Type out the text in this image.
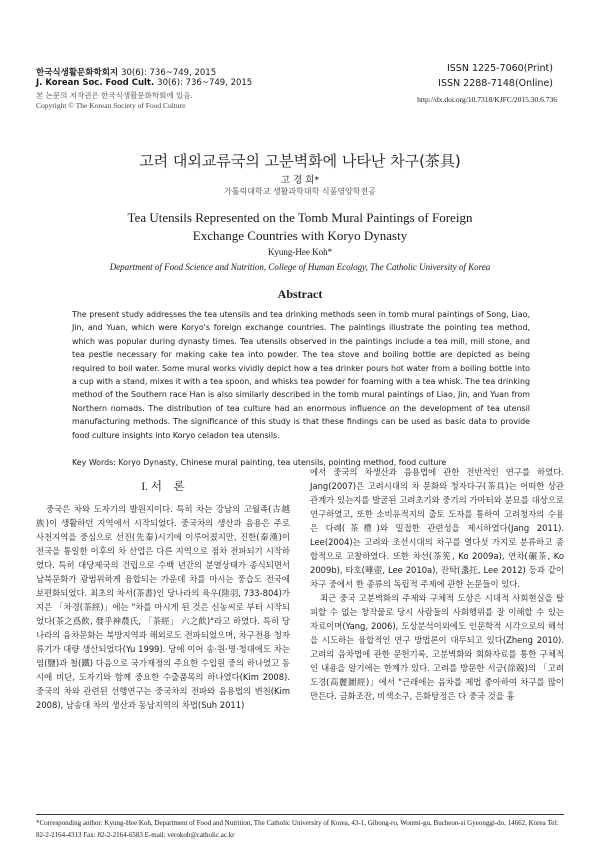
한국식생활문화학회지 30(6): 736~749, 2015
J. Korean Soc. Food Cult. 30(6): 736~749, 2015
본 논문의 저작권은 한국식생활문화학회에 있음.
Copyright © The Korean Society of Food Culture
ISSN 1225-7060(Print)
ISSN 2288-7148(Online)
http://dx.doi.org/10.7318/KJFC/2015.30.6.736
고려 대외교류국의 고분벽화에 나타난 차구(茶具)
고 경 희*
가톨릭대학교 생활과학대학 식품영양학전공
Tea Utensils Represented on the Tomb Mural Paintings of Foreign
Exchange Countries with Koryo Dynasty
Kyung-Hee Koh*
Department of Food Science and Nutrition, College of Human Ecology, The Catholic University of Korea
Abstract
The present study addresses the tea utensils and tea drinking methods seen in tomb mural paintings of Song, Liao, Jin, and Yuan, which were Koryo's foreign exchange countries. The paintings illustrate the pointing tea method, which was popular during dynasty times. Tea utensils observed in the paintings include a tea mill, mill stone, and tea pestle necessary for making cake tea into powder. The tea stove and boiling bottle are depicted as being required to boil water. Some mural works vividly depict how a tea drinker pours hot water from a boiling bottle into a cup with a stand, mixes it with a tea spoon, and whisks tea powder for foaming with a tea whisk. The tea drinking method of the Southern race Han is also similarly described in the tomb mural paintings of Liao, Jin, and Yuan from Northern nomads. The distribution of tea culture had an enormous influence on the development of tea utensil manufacturing methods. The significance of this study is that these findings can be used as basic data to provide food culture insights into Koryo celadon tea utensils.
Key Words: Koryo Dynasty, Chinese mural painting, tea utensils, pointing method, food culture
I. 서　론

중국은 차와 도자기의 발원지이다. 특히 차는 강남의 고월족(古越族)이 생활하던 지역에서 시작되었다. 중국차의 생산과 음용은 주로 사천지역을 중심으로 선진(先秦)시기에 이루어졌지만, 진한(秦漢)이 전국을 통일한 이후의 차 산업은 다른 지역으로 점차 전파되기 시작하였다. 특히 대당제국의 건립으로 수백 년간의 분열상태가 종식되면서 남북문화가 광범위하게 융합되는 가운데 차를 마시는 풍습도 전국에 보편화되었다. 최초의 차서(茶書)인 당나라의 육우(陸羽, 733-804)가 지은 「차경(茶經)」에는 "차를 마시게 된 것은 신농씨로 부터 시작되었다(茶之爲飮, 發乎神農氏, 「茶經」 六之飮)"라고 하였다. 특히 당나라의 음차문화는 북방지역과 해외로도 전파되었으며, 차구전용 청자류기가 대량 생산되었다(Yu 1999). 당에 이어 송·원·명·청대에도 차는 염(鹽)과 철(鐵) 다음으로 국가재정의 주요한 수입원 중의 하나였고 동시에 비단, 도자기와 함께 중요한 수출품목의 하나였다(Kim 2008). 중국의 차와 관련된 선행연구는 중국차의 전파와 음용법의 변천(Kim 2008), 남송대 차의 생산과 동남지역의 차법(Suh 2011)

에서 중국의 차생산과 음용법에 관한 전반적인 연구를 하였다. Jang(2007)은 고려시대의 차 문화와 청자다구(茶具)는 어떠한 상관관계가 있는지를 발굴된 고려초기와 중기의 가마터와 분묘를 대상으로 연구하였고, 또한 소비유적지의 출토 도자를 통하여 고려청자의 수용은 다례(茶禮)와 밀접한 관련성을 제시하였다(Jang 2011). Lee(2004)는 고려와 조선시대의 차구를 열다섯 가지로 분류하고 종합적으로 고찰하였다. 또한 차선(茶筅, Ko 2009a), 연차(碾茶, Ko 2009b), 타호(唾壺, Lee 2010a), 잔탁(盞托, Lee 2012) 등과 같이 차구 중에서 한 종류의 독립적 주제에 관한 논문들이 있다.

최근 중국 고분벽화의 주제와 구체적 도상은 시대적 사회현실을 탈피할 수 없는 창작물로 당시 사람들의 사회행위를 잘 이해할 수 있는 자료이며(Yang, 2006), 도상분석이외에도 인문학적 시각으로의 해석을 시도하는 융합적인 연구 방법론이 대두되고 있다(Zheng 2010). 고려의 음차법에 관한 문헌기록, 고분벽화와 회화자료를 통한 구체적인 내용을 알기에는 한계가 있다. 고려를 방문한 서긍(徐兢)의 「고려도경(高麗圖經)」에서 "근래에는 음차를 제법 좋아하여 차구를 많이 만든다. 금화조잔, 비색소구, 은화탕정은 다 중국 것을 흉

*Corresponding author: Kyung-Hee Koh, Department of Food and Nutrition, The Catholic University of Korea, 43-1, Gibong-ro, Wonmi-gu, Bucheon-si Gyeonggi-do, 14662, Korea Tel: 82-2-2164-4313 Fax: 82-2-2164-6583 E-mail: verokoh@catholic.ac.kr
